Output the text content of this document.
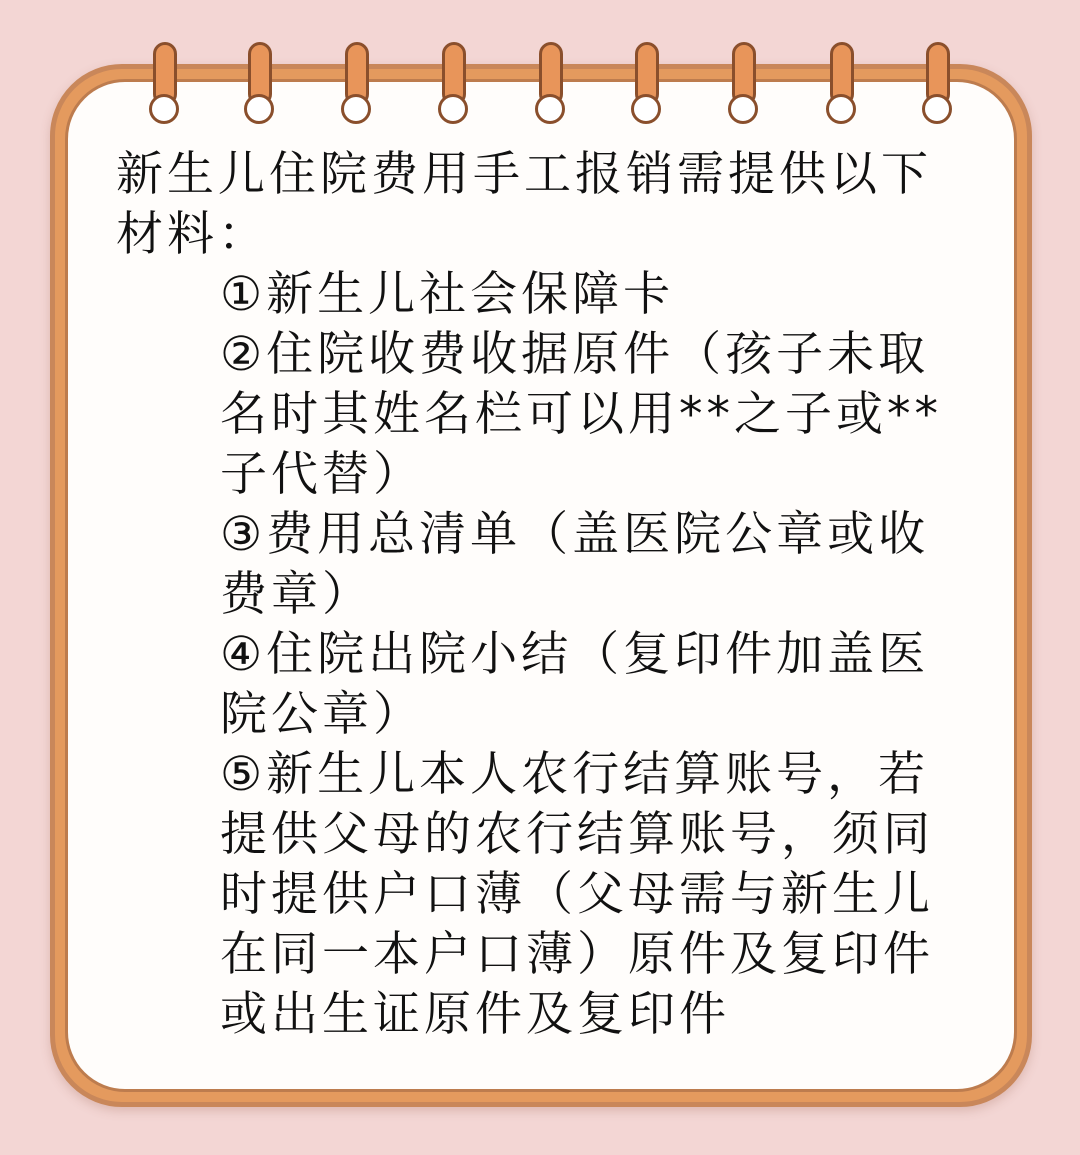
新生儿住院费用手工报销需提供以下材料：

①新生儿社会保障卡

②住院收费收据原件（孩子未取名时其姓名栏可以用**之子或**子代替）

③费用总清单（盖医院公章或收费章）

④住院出院小结（复印件加盖医院公章）

⑤新生儿本人农行结算账号，若提供父母的农行结算账号，须同时提供户口薄（父母需与新生儿在同一本户口薄）原件及复印件或出生证原件及复印件
